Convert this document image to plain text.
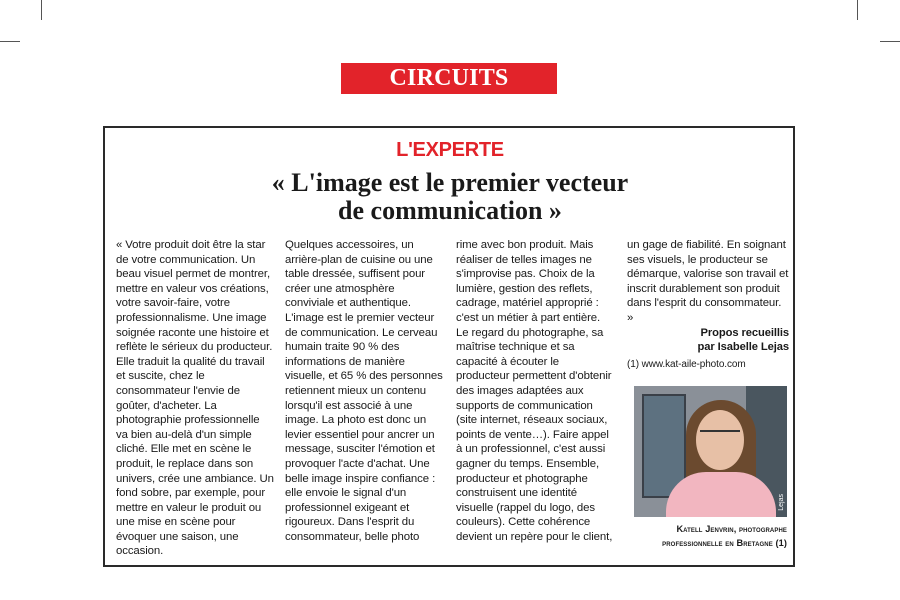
CIRCUITS COURTS
L'EXPERTE
« L'image est le premier vecteur
de communication »

« Votre produit doit être la star de votre communication. Un beau visuel permet de montrer, mettre en valeur vos créations, votre savoir-faire, votre professionnalisme. Une image soignée raconte une histoire et reflète le sérieux du producteur. Elle traduit la qualité du travail et suscite, chez le consommateur l'envie de goûter, d'acheter. La photographie professionnelle va bien au-delà d'un simple cliché. Elle met en scène le produit, le replace dans son univers, crée une ambiance. Un fond sobre, par exemple, pour mettre en valeur le produit ou une mise en scène pour évoquer une saison, une occasion.

Quelques accessoires, un arrière-plan de cuisine ou une table dressée, suffisent pour créer une atmosphère conviviale et authentique. L'image est le premier vecteur de communication. Le cerveau humain traite 90 % des informations de manière visuelle, et 65 % des personnes retiennent mieux un contenu lorsqu'il est associé à une image. La photo est donc un levier essentiel pour ancrer un message, susciter l'émotion et provoquer l'acte d'achat. Une belle image inspire confiance : elle envoie le signal d'un professionnel exigeant et rigoureux. Dans l'esprit du consommateur, belle photo

rime avec bon produit. Mais réaliser de telles images ne s'improvise pas. Choix de la lumière, gestion des reflets, cadrage, matériel approprié : c'est un métier à part entière. Le regard du photographe, sa maîtrise technique et sa capacité à écouter le producteur permettent d'obtenir des images adaptées aux supports de communication (site internet, réseaux sociaux, points de vente…). Faire appel à un professionnel, c'est aussi gagner du temps. Ensemble, producteur et photographe construisent une identité visuelle (rappel du logo, des couleurs). Cette cohérence devient un repère pour le client,

un gage de fiabilité. En soignant ses visuels, le producteur se démarque, valorise son travail et inscrit durablement son produit dans l'esprit du consommateur. »

Propos recueillis
par Isabelle Lejas
(1) www.kat-aile-photo.com
Lejas
Katell Jenvrin, photographe
professionnelle en Bretagne (1)
